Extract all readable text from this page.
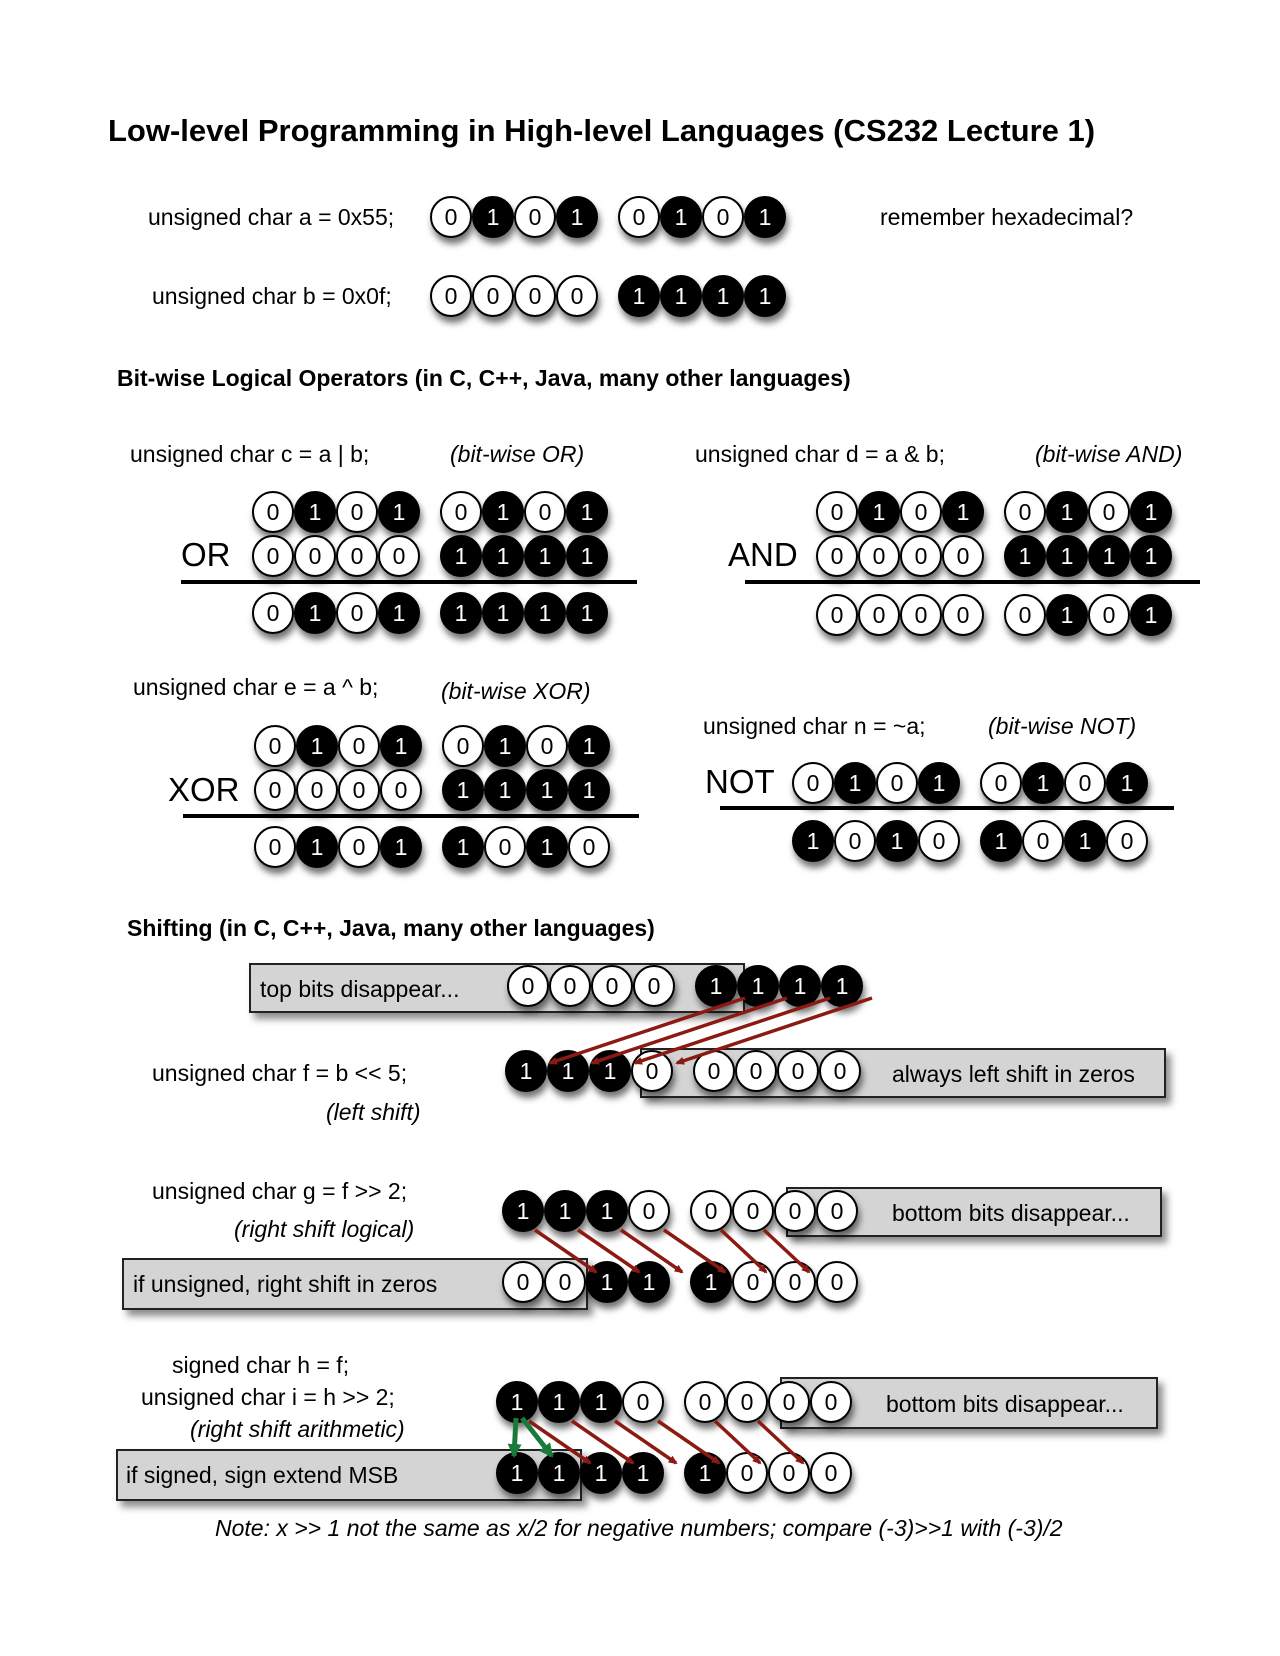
Low-level Programming in High-level Languages (CS232 Lecture 1)
unsigned char a = 0x55;	0	1	0	1	0	1	0	1	remember hexadecimal?
unsigned char b = 0x0f;	0	0	0	0	1	1	1	1
Bit-wise Logical Operators (in C, C++, Java, many other languages)
unsigned char c = a | b;	(bit-wise OR)
0	1	0	1	0	1	0	1
OR	0	0	0	0	1	1	1	1
0	1	0	1	1	1	1	1
unsigned char d = a & b;	(bit-wise AND)
0	1	0	1	0	1	0	1
AND	0	0	0	0	1	1	1	1
0	0	0	0	0	1	0	1
unsigned char e = a ^ b;	(bit-wise XOR)
0	1	0	1	0	1	0	1
XOR	0	0	0	0	1	1	1	1
0	1	0	1	1	0	1	0
unsigned char n = ~a;	(bit-wise NOT)
NOT	0	1	0	1	0	1	0	1
1	0	1	0	1	0	1	0
Shifting (in C, C++, Java, many other languages)
top bits disappear...	0	0	0	0	1	1	1	1
unsigned char f = b << 5;
(left shift)
1	1	1	0	0	0	0	0	always left shift in zeros
unsigned char g = f >> 2;
(right shift logical)
1	1	1	0	0	0	0	0	bottom bits disappear...
if unsigned, right shift in zeros	0	0	1	1	1	0	0	0
signed char h = f;
unsigned char i = h >> 2;
(right shift arithmetic)
1	1	1	0	0	0	0	0	bottom bits disappear...
if signed, sign extend MSB	1	1	1	1	1	0	0	0
Note: x >> 1 not the same as x/2 for negative numbers; compare (-3)>>1 with (-3)/2
